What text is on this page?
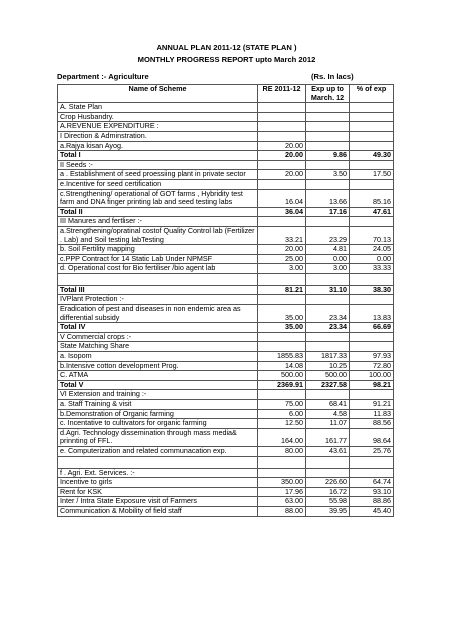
ANNUAL PLAN 2011-12 (STATE PLAN )
MONTHLY PROGRESS REPORT upto March 2012
Department :- Agriculture	(Rs. In lacs)
Name of Scheme	RE 2011-12	Exp up to March. 12	% of exp
A. State Plan			
Crop Husbandry.			
A.REVENUE EXPENDITURE :			
I Direction & Adminstration.			
a.Rajya kisan Ayog.	20.00		
Total I	20.00	9.86	49.30
II Seeds :-			
a . Establishment of seed proessiing plant in private sector	20.00	3.50	17.50
e.Incentive for seed certification			
c.Strengthening/ operational of GOT farms , Hybridity test farm and DNA finger printing lab and seed testing labs	16.04	13.66	85.16
Total II	36.04	17.16	47.61
III Manures and fertliser :-			
a.Strengthening/opratinal costof Quality Control lab (Fertilizer . Lab) and Soil testing labTesting	33.21	23.29	70.13
b. Soil Fertility mapping	20.00	4.81	24.05
c.PPP Contract for 14 Static Lab Under NPMSF	25.00	0.00	0.00
d. Operational cost for Bio fertiliser /bio agent lab	3.00	3.00	33.33

Total III	81.21	31.10	38.30
IVPlant Protection :-			
Eradication of pest and diseases in non endemic area as differential subsidy	35.00	23.34	13.83
Total IV	35.00	23.34	66.69
V Commercial crops :-			
State Matching Share			
a. Isopom	1855.83	1817.33	97.93
b.Intensive cotton development Prog.	14.08	10.25	72.80
C. ATMA	500.00	500.00	100.00
Total V	2369.91	2327.58	98.21
VI Extension and training :-			
a. Staff Training & visit	75.00	68.41	91.21
b.Demonstration of Organic farming	6.00	4.58	11.83
c. Incentative to cultivators for organic farming	12.50	11.07	88.56
d.Agri. Technology dissemination through mass media& prinnting of FFL.	164.00	161.77	98.64
e. Computerization and related communacation exp.	80.00	43.61	25.76

f . Agri. Ext. Services. :-			
Incentive to girls	350.00	226.60	64.74
Rent for KSK	17.96	16.72	93.10
Inter / Intra State Exposure visit of Farmers	63.00	55.98	88.86
Communication & Mobility of field staff	88.00	39.95	45.40
